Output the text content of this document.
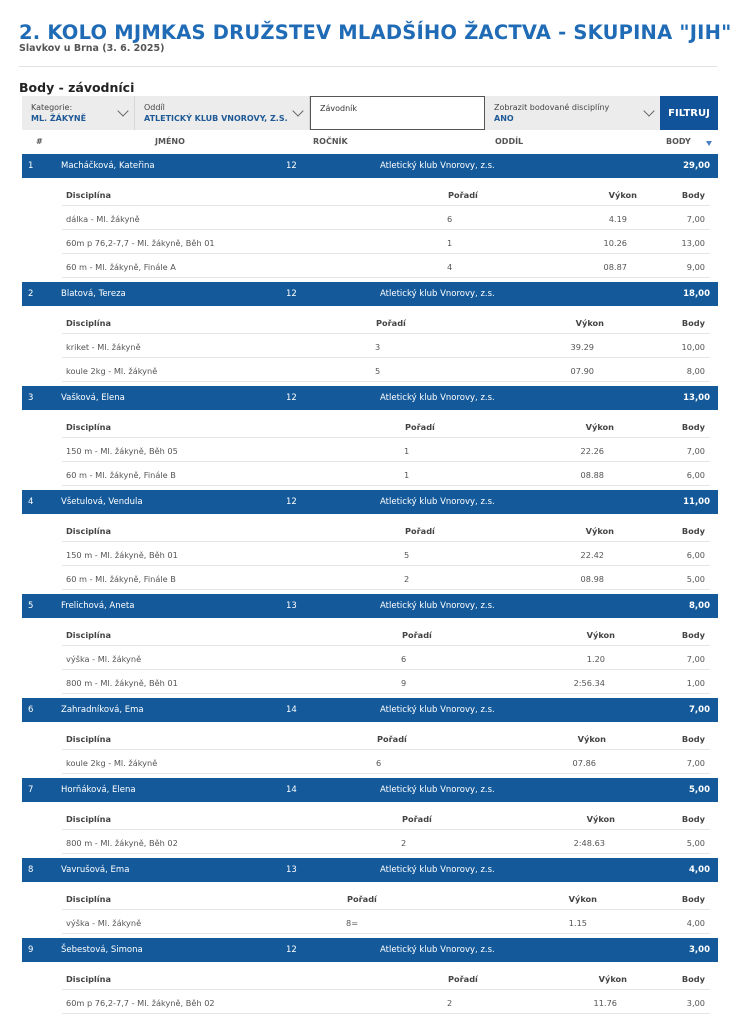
2. KOLO MJMKAS DRUŽSTEV MLADŠÍHO ŽACTVA - SKUPINA "JIH"
Slavkov u Brna (3. 6. 2025)
Body - závodníci
Kategorie:
ML. ŽÁKYNĚ
Oddíl
ATLETICKÝ KLUB VNOROVY, Z.S.
Závodník	Zobrazit bodované disciplíny
ANO	FILTRUJ
#	JMÉNO	ROČNÍK	ODDÍL	BODY
1	Macháčková, Kateřina	12	Atletický klub Vnorovy, z.s.	29,00
Disciplína	Pořadí	Výkon	Body
dálka - Ml. žákyně	6	4.19	7,00
60m p 76,2-7,7 - Ml. žákyně, Běh 01	1	10.26	13,00
60 m - Ml. žákyně, Finále A	4	08.87	9,00
2	Blatová, Tereza	12	Atletický klub Vnorovy, z.s.	18,00
Disciplína	Pořadí	Výkon	Body
kriket - Ml. žákyně	3	39.29	10,00
koule 2kg - Ml. žákyně	5	07.90	8,00
3	Vašková, Elena	12	Atletický klub Vnorovy, z.s.	13,00
Disciplína	Pořadí	Výkon	Body
150 m - Ml. žákyně, Běh 05	1	22.26	7,00
60 m - Ml. žákyně, Finále B	1	08.88	6,00
4	Všetulová, Vendula	12	Atletický klub Vnorovy, z.s.	11,00
Disciplína	Pořadí	Výkon	Body
150 m - Ml. žákyně, Běh 01	5	22.42	6,00
60 m - Ml. žákyně, Finále B	2	08.98	5,00
5	Frelichová, Aneta	13	Atletický klub Vnorovy, z.s.	8,00
Disciplína	Pořadí	Výkon	Body
výška - Ml. žákyně	6	1.20	7,00
800 m - Ml. žákyně, Běh 01	9	2:56.34	1,00
6	Zahradníková, Ema	14	Atletický klub Vnorovy, z.s.	7,00
Disciplína	Pořadí	Výkon	Body
koule 2kg - Ml. žákyně	6	07.86	7,00
7	Horňáková, Elena	14	Atletický klub Vnorovy, z.s.	5,00
Disciplína	Pořadí	Výkon	Body
800 m - Ml. žákyně, Běh 02	2	2:48.63	5,00
8	Vavrušová, Ema	13	Atletický klub Vnorovy, z.s.	4,00
Disciplína	Pořadí	Výkon	Body
výška - Ml. žákyně	8=	1.15	4,00
9	Šebestová, Simona	12	Atletický klub Vnorovy, z.s.	3,00
Disciplína	Pořadí	Výkon	Body
60m p 76,2-7,7 - Ml. žákyně, Běh 02	2	11.76	3,00
